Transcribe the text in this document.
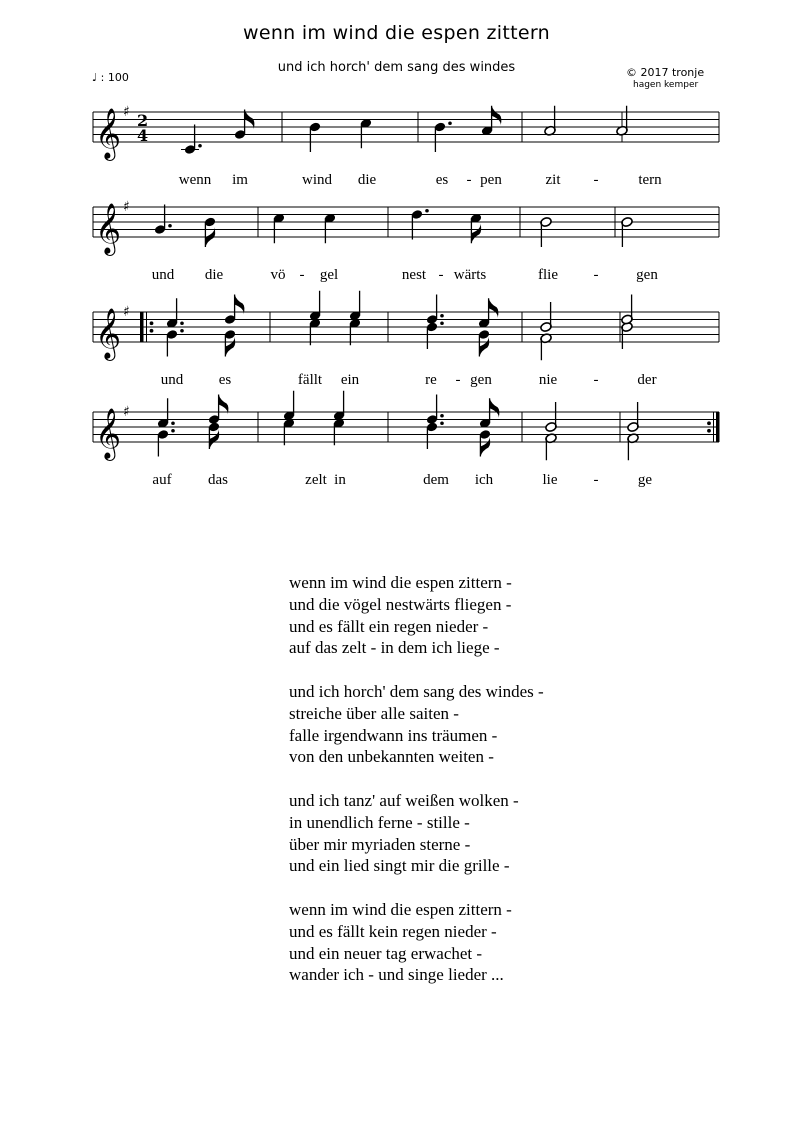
wenn im wind die espen zittern
und ich horch' dem sang des windes
♩ : 100	© 2017 tronje
hagen kemper
𝄞 ♯ 2
4
wenn im	wind die	es - pen	zit -	tern
𝄞 ♯
und die	vö - gel	nest - wärts	flie -	gen
𝄞 ♯
und es	fällt ein	re - gen	nie -	der
𝄞 ♯
auf das	zelt in	dem ich	lie -	ge
wenn im wind die espen zittern -
und die vögel nestwärts fliegen -
und es fällt ein regen nieder -
auf das zelt - in dem ich liege -
und ich horch' dem sang des windes -
streiche über alle saiten -
falle irgendwann ins träumen -
von den unbekannten weiten -
und ich tanz' auf weißen wolken -
in unendlich ferne - stille -
über mir myriaden sterne -
und ein lied singt mir die grille -
wenn im wind die espen zittern -
und es fällt kein regen nieder -
und ein neuer tag erwachet -
wander ich - und singe lieder ...
